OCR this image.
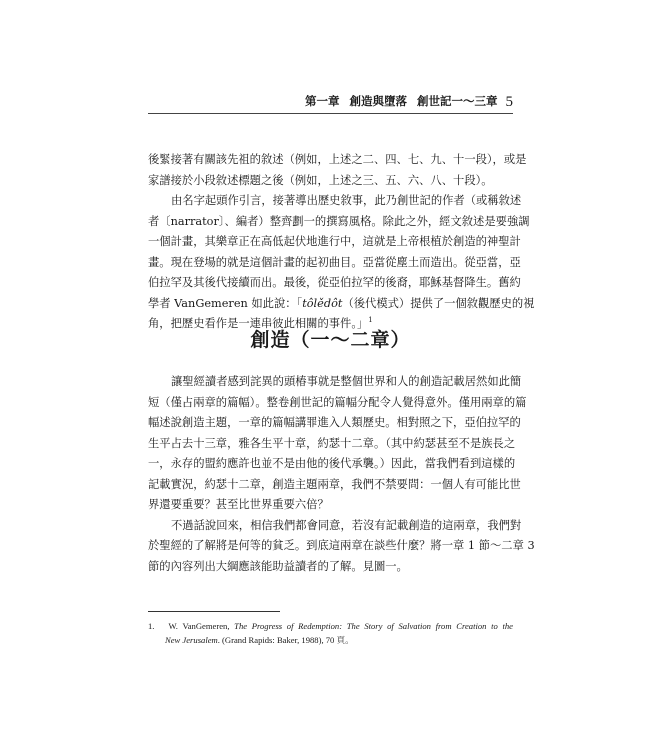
第一章 創造與墮落 創世記一～三章 5
後緊接著有關該先祖的敘述（例如，上述之二、四、七、九、十一段），或是
家譜接於小段敘述標題之後（例如，上述之三、五、六、八、十段）。
由名字起頭作引言，接著導出歷史敘事，此乃創世記的作者（或稱敘述
者〔narrator〕、編者）整齊劃一的撰寫風格。除此之外，經文敘述是要強調
一個計畫，其樂章正在高低起伏地進行中，這就是上帝根植於創造的神聖計
畫。現在登場的就是這個計畫的起初曲目。亞當從塵土而造出。從亞當，亞
伯拉罕及其後代接續而出。最後，從亞伯拉罕的後裔，耶穌基督降生。舊約
學者 VanGemeren 如此說：「tôlědôt（後代模式）提供了一個敘觀歷史的視
角，把歷史看作是一連串彼此相關的事件。」$^1$
創造（一～二章）
讓聖經讀者感到詫異的頭椿事就是整個世界和人的創造記載居然如此簡
短（僅占兩章的篇幅）。整卷創世記的篇幅分配令人覺得意外。僅用兩章的篇
幅述說創造主題，一章的篇幅講罪進入人類歷史。相對照之下，亞伯拉罕的
生平占去十三章，雅各生平十章，約瑟十二章。（其中約瑟甚至不是族長之
一，永存的盟約應許也並不是由他的後代承襲。）因此，當我們看到這樣的
記載實況，約瑟十二章，創造主題兩章，我們不禁要問：一個人有可能比世
界還要重要？甚至比世界重要六倍？
不過話說回來，相信我們都會同意，若沒有記載創造的這兩章，我們對
於聖經的了解將是何等的貧乏。到底這兩章在談些什麼？將一章 1 節～二章 3
節的內容列出大綱應該能助益讀者的了解。見圖一。
1. W. VanGemeren, The Progress of Redemption: The Story of Salvation from Creation to the
New Jerusalem. (Grand Rapids: Baker, 1988), 70 頁。
